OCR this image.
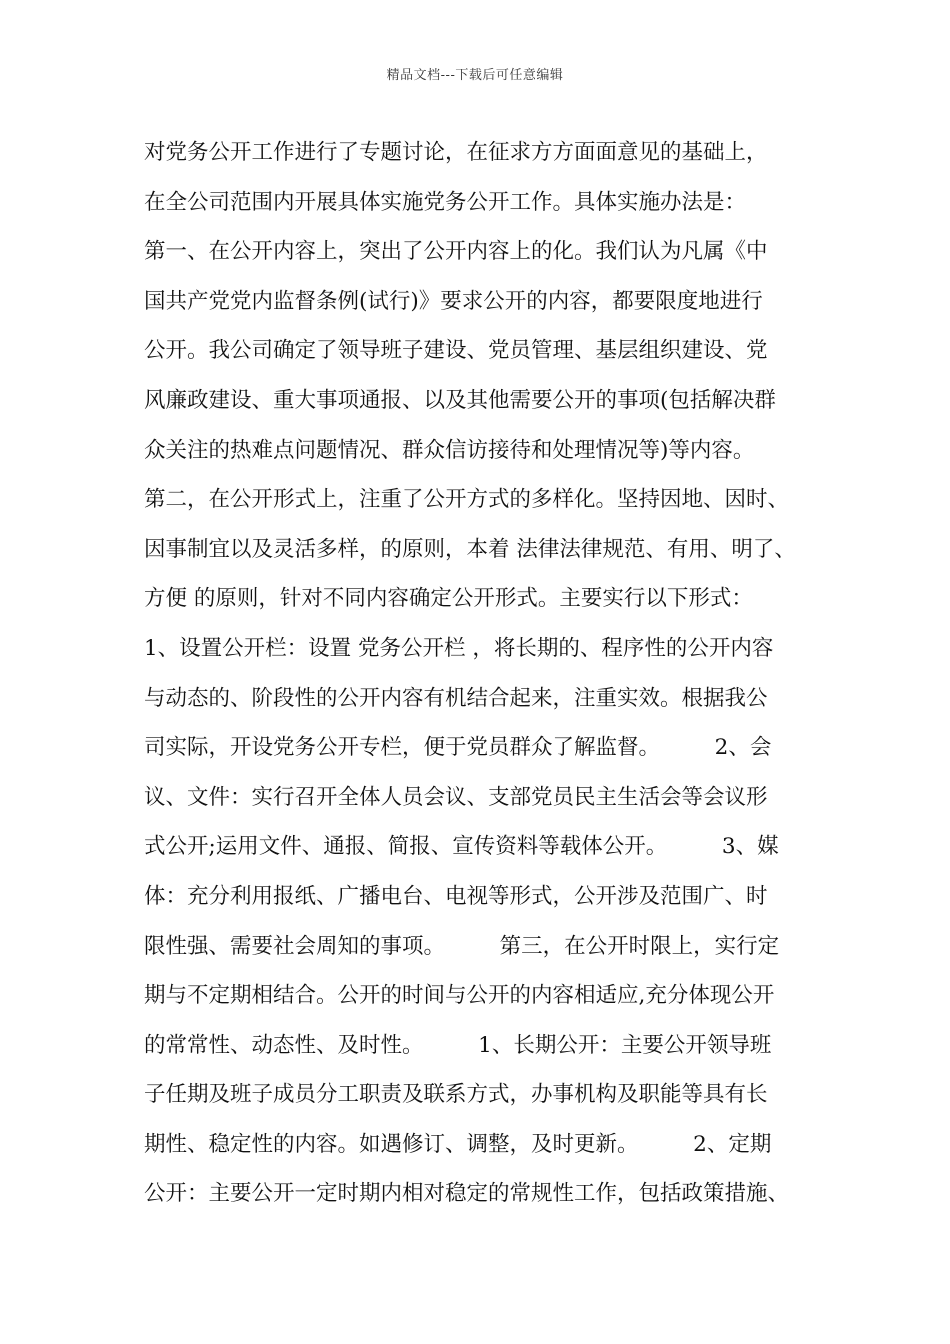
精品文档---下载后可任意编辑
对党务公开工作进行了专题讨论，在征求方方面面意见的基础上，
在全公司范围内开展具体实施党务公开工作。具体实施办法是：
第一、在公开内容上，突出了公开内容上的化。我们认为凡属《中
国共产党党内监督条例(试行)》要求公开的内容，都要限度地进行
公开。我公司确定了领导班子建设、党员管理、基层组织建设、党
风廉政建设、重大事项通报、以及其他需要公开的事项(包括解决群
众关注的热难点问题情况、群众信访接待和处理情况等)等内容。
第二，在公开形式上，注重了公开方式的多样化。坚持因地、因时、
因事制宜以及灵活多样，的原则，本着 法律法律规范、有用、明了、
方便 的原则，针对不同内容确定公开形式。主要实行以下形式：
1、设置公开栏：设置 党务公开栏 ，将长期的、程序性的公开内容
与动态的、阶段性的公开内容有机结合起来，注重实效。根据我公
司实际，开设党务公开专栏，便于党员群众了解监督。        2、会
议、文件：实行召开全体人员会议、支部党员民主生活会等会议形
式公开;运用文件、通报、简报、宣传资料等载体公开。        3、媒
体：充分利用报纸、广播电台、电视等形式，公开涉及范围广、时
限性强、需要社会周知的事项。        第三，在公开时限上，实行定
期与不定期相结合。公开的时间与公开的内容相适应,充分体现公开
的常常性、动态性、及时性。        1、长期公开：主要公开领导班
子任期及班子成员分工职责及联系方式，办事机构及职能等具有长
期性、稳定性的内容。如遇修订、调整，及时更新。        2、定期
公开：主要公开一定时期内相对稳定的常规性工作，包括政策措施、
